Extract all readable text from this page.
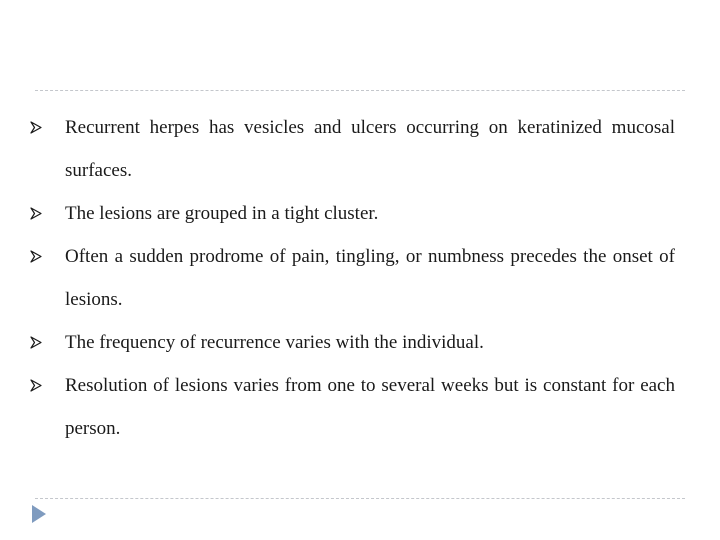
Recurrent herpes has vesicles and ulcers occurring on keratinized mucosal surfaces.
The lesions are grouped in a tight cluster.
Often a sudden prodrome of pain, tingling, or numbness precedes the onset of lesions.
The frequency of recurrence varies with the individual.
Resolution of lesions varies from one to several weeks but is constant for each person.
